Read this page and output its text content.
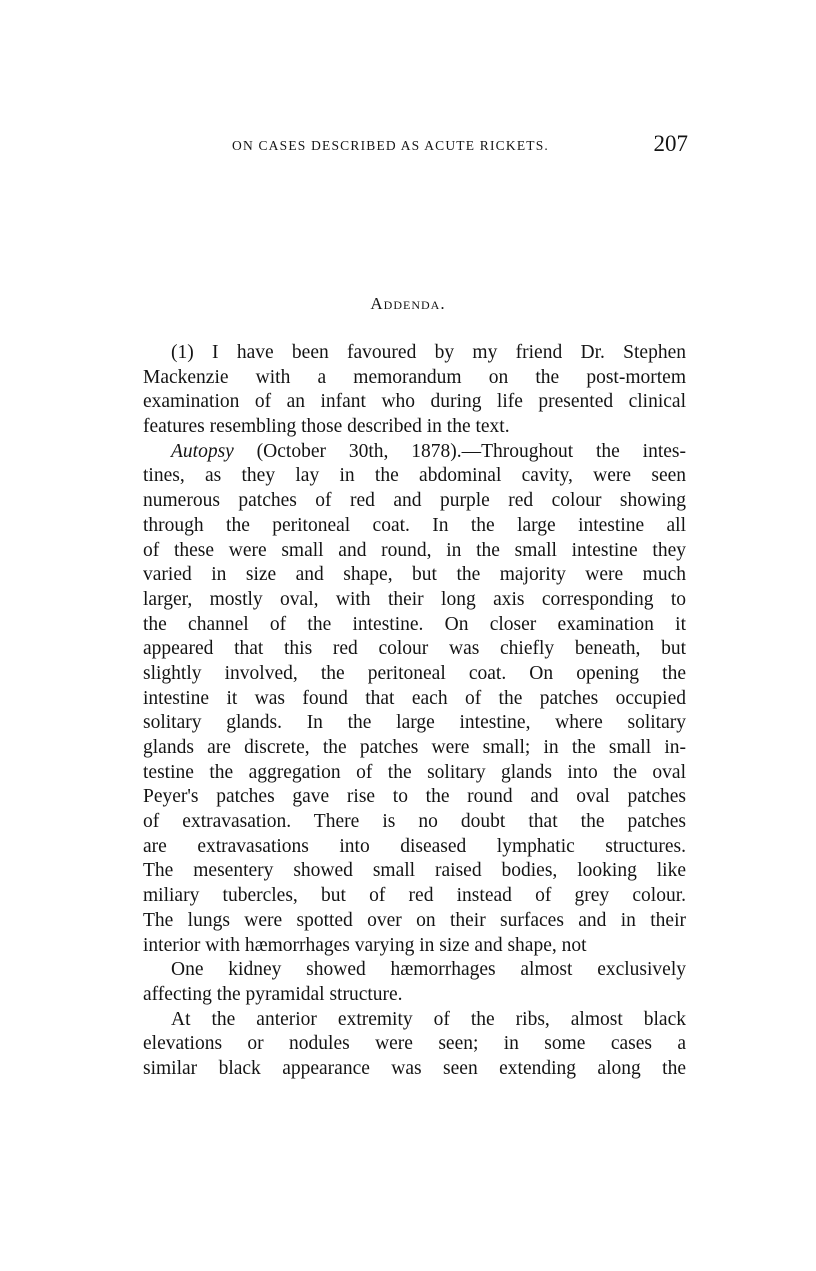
ON CASES DESCRIBED AS ACUTE RICKETS.	207
Addenda.
(1) I have been favoured by my friend Dr. Stephen
Mackenzie with a memorandum on the post-mortem
examination of an infant who during life presented clinical
features resembling those described in the text.
Autopsy (October 30th, 1878).—Throughout the intes-
tines, as they lay in the abdominal cavity, were seen
numerous patches of red and purple red colour showing
through the peritoneal coat. In the large intestine all
of these were small and round, in the small intestine they
varied in size and shape, but the majority were much
larger, mostly oval, with their long axis corresponding to
the channel of the intestine. On closer examination it
appeared that this red colour was chiefly beneath, but
slightly involved, the peritoneal coat. On opening the
intestine it was found that each of the patches occupied
solitary glands. In the large intestine, where solitary
glands are discrete, the patches were small; in the small in-
testine the aggregation of the solitary glands into the oval
Peyer's patches gave rise to the round and oval patches
of extravasation. There is no doubt that the patches
are extravasations into diseased lymphatic structures.
The mesentery showed small raised bodies, looking like
miliary tubercles, but of red instead of grey colour.
The lungs were spotted over on their surfaces and in their
interior with hæmorrhages varying in size and shape, not
One kidney showed hæmorrhages almost exclusively
affecting the pyramidal structure.
At the anterior extremity of the ribs, almost black
elevations or nodules were seen; in some cases a
similar black appearance was seen extending along the
